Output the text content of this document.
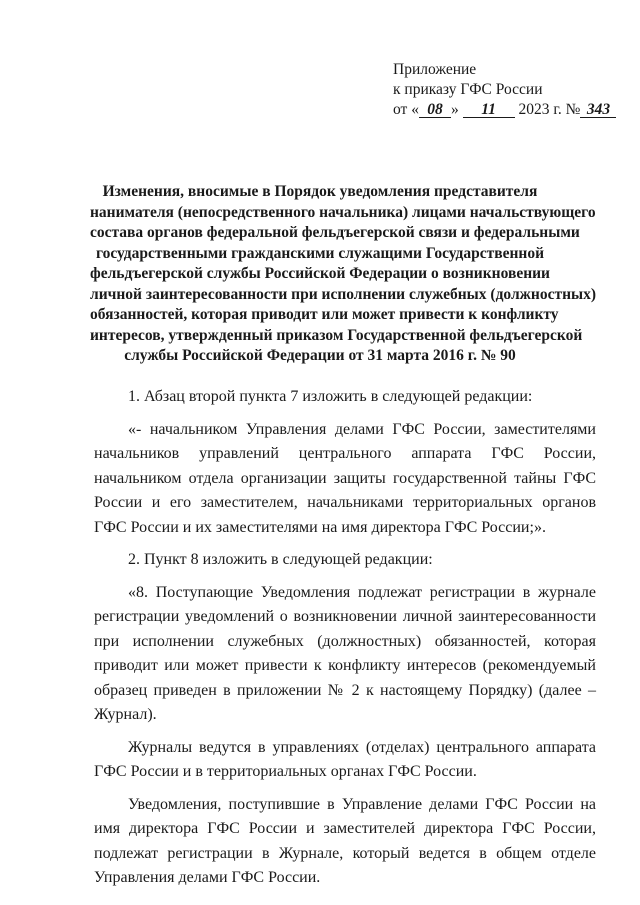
Приложение
к приказу ГФС России
от « 08 » 11 2023 г. № 343
Изменения, вносимые в Порядок уведомления представителя
нанимателя (непосредственного начальника) лицами начальствующего
состава органов федеральной фельдъегерской связи и федеральными
государственными гражданскими служащими Государственной
фельдъегерской службы Российской Федерации о возникновении
личной заинтересованности при исполнении служебных (должностных)
обязанностей, которая приводит или может привести к конфликту
интересов, утвержденный приказом Государственной фельдъегерской
службы Российской Федерации от 31 марта 2016 г. № 90

1. Абзац второй пункта 7 изложить в следующей редакции:

«- начальником Управления делами ГФС России, заместителями начальников управлений центрального аппарата ГФС России, начальником отдела организации защиты государственной тайны ГФС России и его заместителем, начальниками территориальных органов ГФС России и их заместителями на имя директора ГФС России;».

2. Пункт 8 изложить в следующей редакции:

«8. Поступающие Уведомления подлежат регистрации в журнале регистрации уведомлений о возникновении личной заинтересованности при исполнении служебных (должностных) обязанностей, которая приводит или может привести к конфликту интересов (рекомендуемый образец приведен в приложении № 2 к настоящему Порядку) (далее – Журнал).

Журналы ведутся в управлениях (отделах) центрального аппарата ГФС России и в территориальных органах ГФС России.

Уведомления, поступившие в Управление делами ГФС России на имя директора ГФС России и заместителей директора ГФС России, подлежат регистрации в Журнале, который ведется в общем отделе Управления делами ГФС России.
